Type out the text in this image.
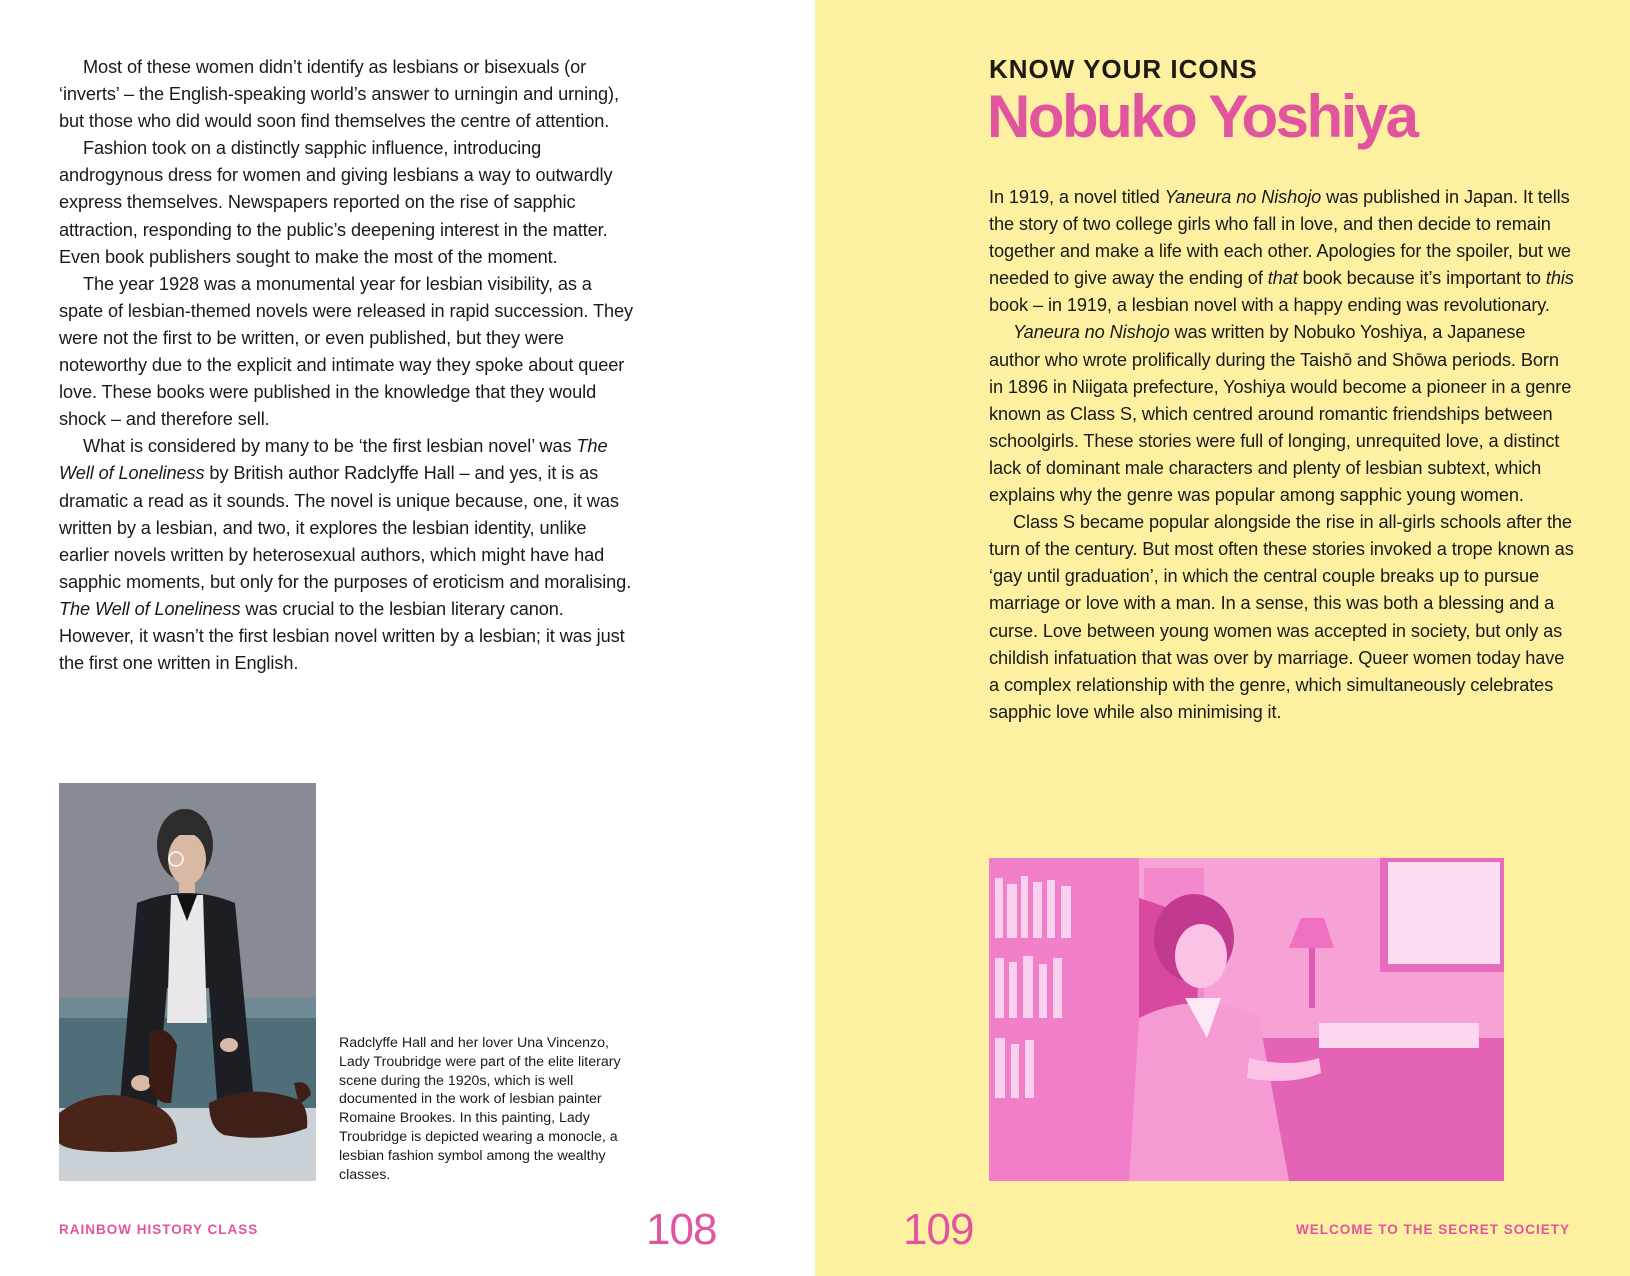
Most of these women didn’t identify as lesbians or bisexuals (or ‘inverts’ – the English-speaking world’s answer to urningin and urning), but those who did would soon find themselves the centre of attention.

Fashion took on a distinctly sapphic influence, introducing androgynous dress for women and giving lesbians a way to outwardly express themselves. Newspapers reported on the rise of sapphic attraction, responding to the public’s deepening interest in the matter. Even book publishers sought to make the most of the moment.

The year 1928 was a monumental year for lesbian visibility, as a spate of lesbian-themed novels were released in rapid succession. They were not the first to be written, or even published, but they were noteworthy due to the explicit and intimate way they spoke about queer love. These books were published in the knowledge that they would shock – and therefore sell.

What is considered by many to be ‘the first lesbian novel’ was The Well of Loneliness by British author Radclyffe Hall – and yes, it is as dramatic a read as it sounds. The novel is unique because, one, it was written by a lesbian, and two, it explores the lesbian identity, unlike earlier novels written by heterosexual authors, which might have had sapphic moments, but only for the purposes of eroticism and moralising. The Well of Loneliness was crucial to the lesbian literary canon. However, it wasn’t the first lesbian novel written by a lesbian; it was just the first one written in English.

Radclyffe Hall and her lover Una Vincenzo, Lady Troubridge were part of the elite literary scene during the 1920s, which is well documented in the work of lesbian painter Romaine Brookes. In this painting, Lady Troubridge is depicted wearing a monocle, a lesbian fashion symbol among the wealthy classes.
RAINBOW HISTORY CLASS	108
KNOW YOUR ICONS
Nobuko Yoshiya

In 1919, a novel titled Yaneura no Nishojo was published in Japan. It tells the story of two college girls who fall in love, and then decide to remain together and make a life with each other. Apologies for the spoiler, but we needed to give away the ending of that book because it’s important to this book – in 1919, a lesbian novel with a happy ending was revolutionary.

Yaneura no Nishojo was written by Nobuko Yoshiya, a Japanese author who wrote prolifically during the Taishō and Shōwa periods. Born in 1896 in Niigata prefecture, Yoshiya would become a pioneer in a genre known as Class S, which centred around romantic friendships between schoolgirls. These stories were full of longing, unrequited love, a distinct lack of dominant male characters and plenty of lesbian subtext, which explains why the genre was popular among sapphic young women.

Class S became popular alongside the rise in all-girls schools after the turn of the century. But most often these stories invoked a trope known as ‘gay until graduation’, in which the central couple breaks up to pursue marriage or love with a man. In a sense, this was both a blessing and a curse. Love between young women was accepted in society, but only as childish infatuation that was over by marriage. Queer women today have a complex relationship with the genre, which simultaneously celebrates sapphic love while also minimising it.

109	WELCOME TO THE SECRET SOCIETY
